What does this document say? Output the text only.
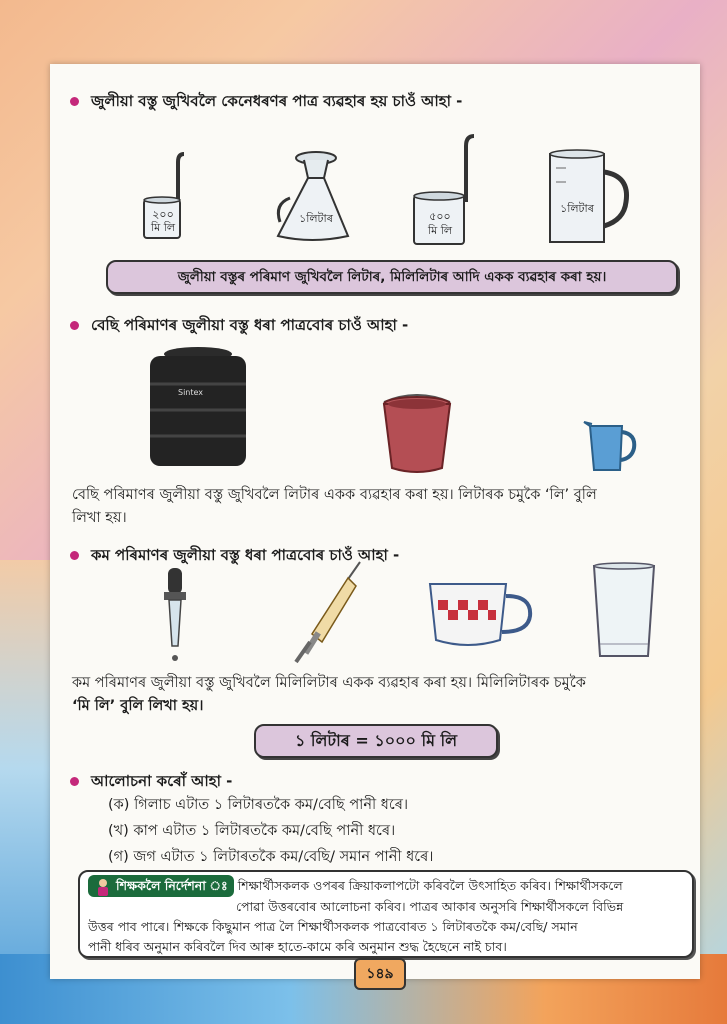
জুলীয়া বস্তু জুখিবলৈ কেনেধৰণৰ পাত্ৰ ব্যৱহাৰ হয় চাওঁ আহা -
২০০
মি লি
১লিটাৰ	৫০০
মি লি
১লিটাৰ
জুলীয়া বস্তুৰ পৰিমাণ জুখিবলৈ লিটাৰ, মিলিলিটাৰ আদি একক ব্যৱহাৰ কৰা হয়।
বেছি পৰিমাণৰ জুলীয়া বস্তু ধৰা পাত্ৰবোৰ চাওঁ আহা -
Sintex
বেছি পৰিমাণৰ জুলীয়া বস্তু জুখিবলৈ লিটাৰ একক ব্যৱহাৰ কৰা হয়। লিটাৰক চমুকৈ ‘লি’ বুলি
লিখা হয়।
কম পৰিমাণৰ জুলীয়া বস্তু ধৰা পাত্ৰবোৰ চাওঁ আহা -
কম পৰিমাণৰ জুলীয়া বস্তু জুখিবলৈ মিলিলিটাৰ একক ব্যৱহাৰ কৰা হয়। মিলিলিটাৰক চমুকৈ
‘মি লি’ বুলি লিখা হয়।
১ লিটাৰ = ১০০০ মি লি
আলোচনা কৰোঁ আহা -
(ক) গিলাচ এটাত ১ লিটাৰতকৈ কম/বেছি পানী ধৰে।
(খ) কাপ এটাত ১ লিটাৰতকৈ কম/বেছি পানী ধৰে।
(গ) জগ এটাত ১ লিটাৰতকৈ কম/বেছি/ সমান পানী ধৰে।
শিক্ষকলৈ নিৰ্দেশনা ঃ শিক্ষাৰ্থীসকলক ওপৰৰ ক্ৰিয়াকলাপটো কৰিবলৈ উৎসাহিত কৰিব। শিক্ষাৰ্থীসকলে
পোৱা উত্তৰবোৰ আলোচনা কৰিব। পাত্ৰৰ আকাৰ অনুসৰি শিক্ষাৰ্থীসকলে বিভিন্ন
উত্তৰ পাব পাৰে। শিক্ষকে কিছুমান পাত্ৰ লৈ শিক্ষাৰ্থীসকলক পাত্ৰবোৰত ১ লিটাৰতকৈ কম/বেছি/ সমান
পানী ধৰিব অনুমান কৰিবলৈ দিব আৰু হাতে-কামে কৰি অনুমান শুদ্ধ হৈছেনে নাই চাব।
১৪৯
